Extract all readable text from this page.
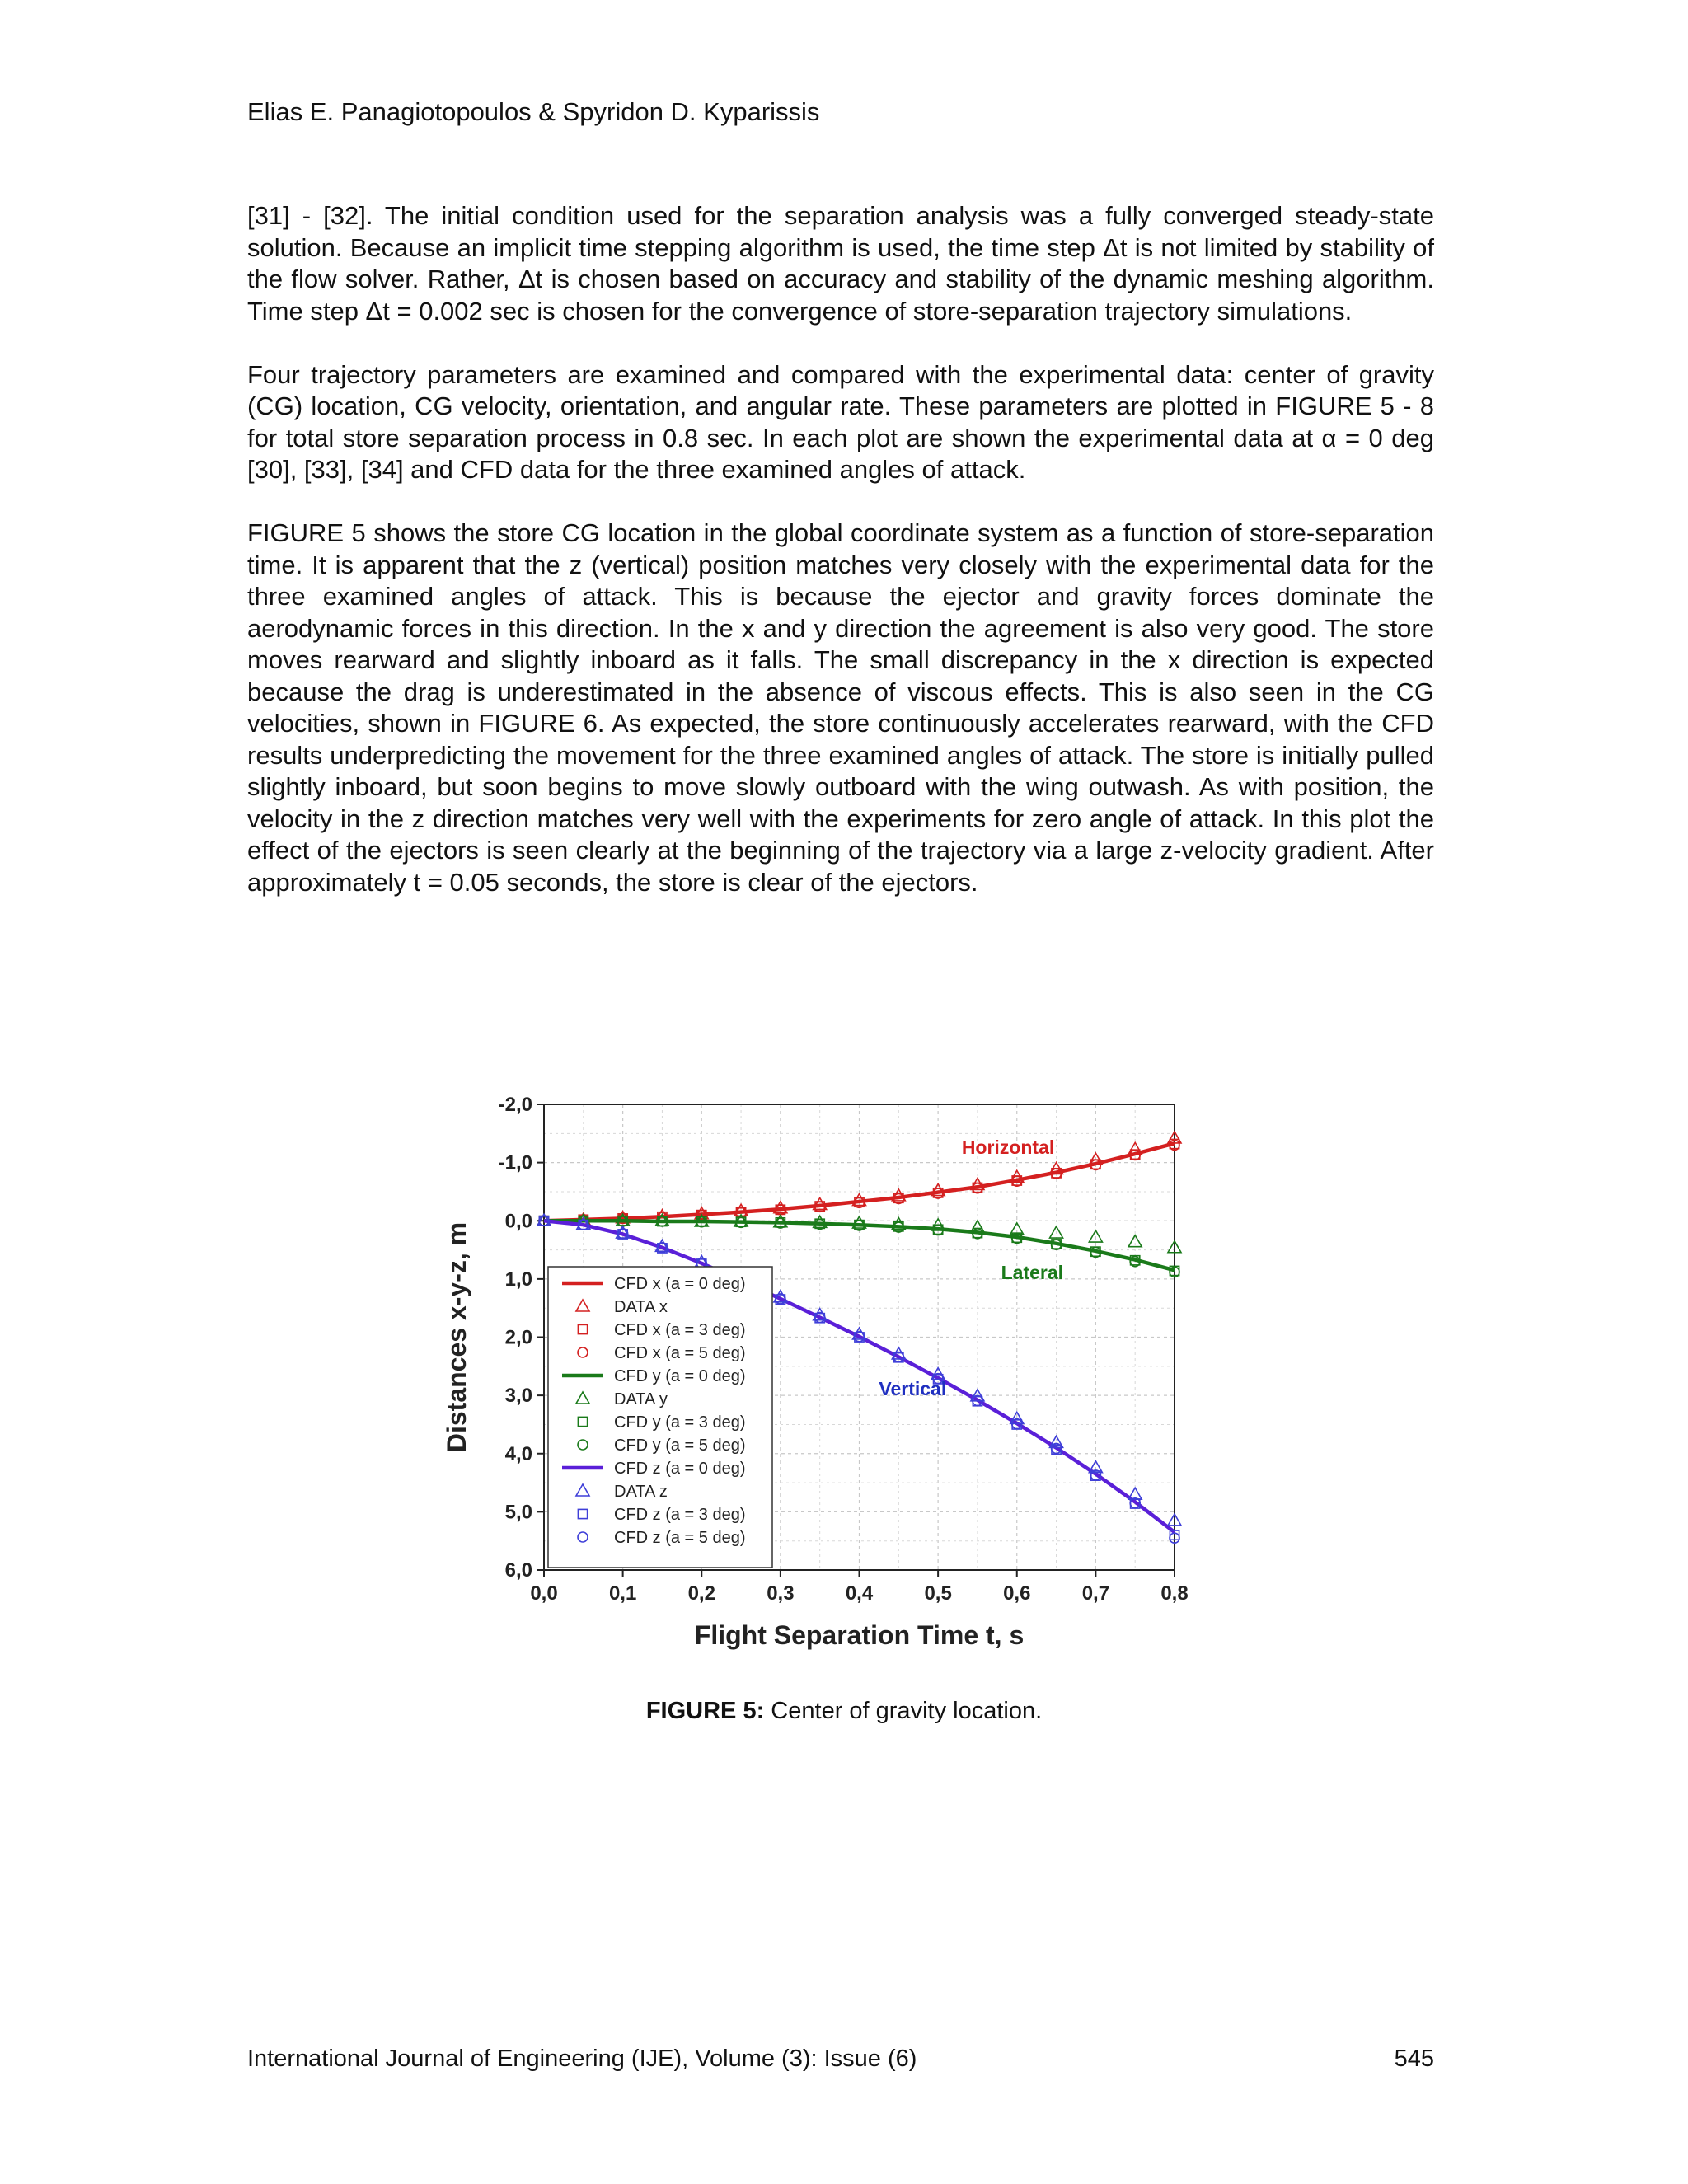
Elias E. Panagiotopoulos & Spyridon D. Kyparissis

[31] - [32]. The initial condition used for the separation analysis was a fully converged steady-state solution. Because an implicit time stepping algorithm is used, the time step Δt is not limited by stability of the flow solver. Rather, Δt is chosen based on accuracy and stability of the dynamic meshing algorithm. Time step Δt = 0.002 sec is chosen for the convergence of store-separation trajectory simulations.

Four trajectory parameters are examined and compared with the experimental data: center of gravity (CG) location, CG velocity, orientation, and angular rate. These parameters are plotted in FIGURE 5 - 8 for total store separation process in 0.8 sec. In each plot are shown the experimental data at α = 0 deg [30], [33], [34] and CFD data for the three examined angles of attack.

FIGURE 5 shows the store CG location in the global coordinate system as a function of store-separation time. It is apparent that the z (vertical) position matches very closely with the experimental data for the three examined angles of attack. This is because the ejector and gravity forces dominate the aerodynamic forces in this direction. In the x and y direction the agreement is also very good. The store moves rearward and slightly inboard as it falls. The small discrepancy in the x direction is expected because the drag is underestimated in the absence of viscous effects. This is also seen in the CG velocities, shown in FIGURE 6. As expected, the store continuously accelerates rearward, with the CFD results underpredicting the movement for the three examined angles of attack. The store is initially pulled slightly inboard, but soon begins to move slowly outboard with the wing outwash. As with position, the velocity in the z direction matches very well with the experiments for zero angle of attack. In this plot the effect of the ejectors is seen clearly at the beginning of the trajectory via a large z-velocity gradient. After approximately t = 0.05 seconds, the store is clear of the ejectors.

0,0	0,1	0,2	0,3	0,4	0,5	0,6	0,7	0,8
-2,0
-1,0
0,0
1,0
2,0
3,0
4,0
5,0
6,0
Flight Separation Time t, s
Distances x-y-z, m
Horizontal
Lateral
Vertical
CFD x (a = 0 deg)
DATA x
CFD x (a = 3 deg)
CFD x (a = 5 deg)
CFD y (a = 0 deg)
DATA y
CFD y (a = 3 deg)
CFD y (a = 5 deg)
CFD z (a = 0 deg)
DATA z
CFD z (a = 3 deg)
CFD z (a = 5 deg)
FIGURE 5: Center of gravity location.
International Journal of Engineering (IJE), Volume (3): Issue (6)	545
